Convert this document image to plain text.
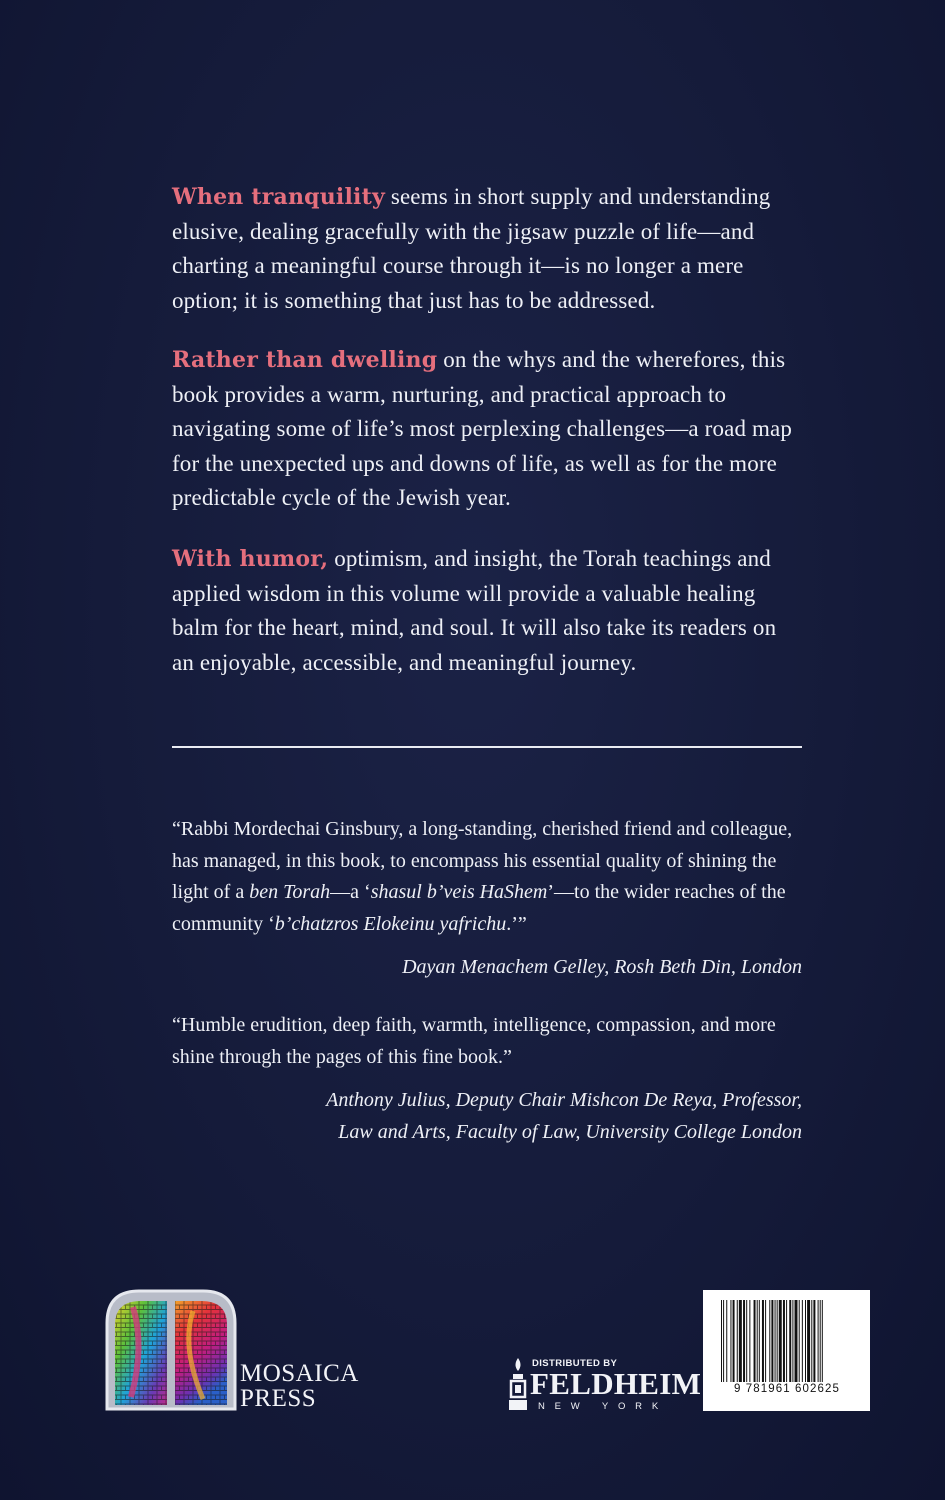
When tranquility seems in short supply and understanding elusive, dealing gracefully with the jigsaw puzzle of life—and charting a meaningful course through it—is no longer a mere option; it is something that just has to be addressed.

Rather than dwelling on the whys and the wherefores, this book provides a warm, nurturing, and practical approach to navigating some of life’s most perplexing challenges—a road map for the unexpected ups and downs of life, as well as for the more predictable cycle of the Jewish year.

With humor, optimism, and insight, the Torah teachings and applied wisdom in this volume will provide a valuable healing balm for the heart, mind, and soul. It will also take its readers on an enjoyable, accessible, and meaningful journey.

“Rabbi Mordechai Ginsbury, a long-standing, cherished friend and colleague, has managed, in this book, to encompass his essential quality of shining the light of a ben Torah—a ‘shasul b’veis HaShem’—to the wider reaches of the community ‘b’chatzros Elokeinu yafrichu.’”

Dayan Menachem Gelley, Rosh Beth Din, London

“Humble erudition, deep faith, warmth, intelligence, compassion, and more shine through the pages of this fine book.”

Anthony Julius, Deputy Chair Mishcon De Reya, Professor,
Law and Arts, Faculty of Law, University College London

MOSAICA
PRESS
DISTRIBUTED BY
FELDHEIM
NEW YORK
9 781961 602625
